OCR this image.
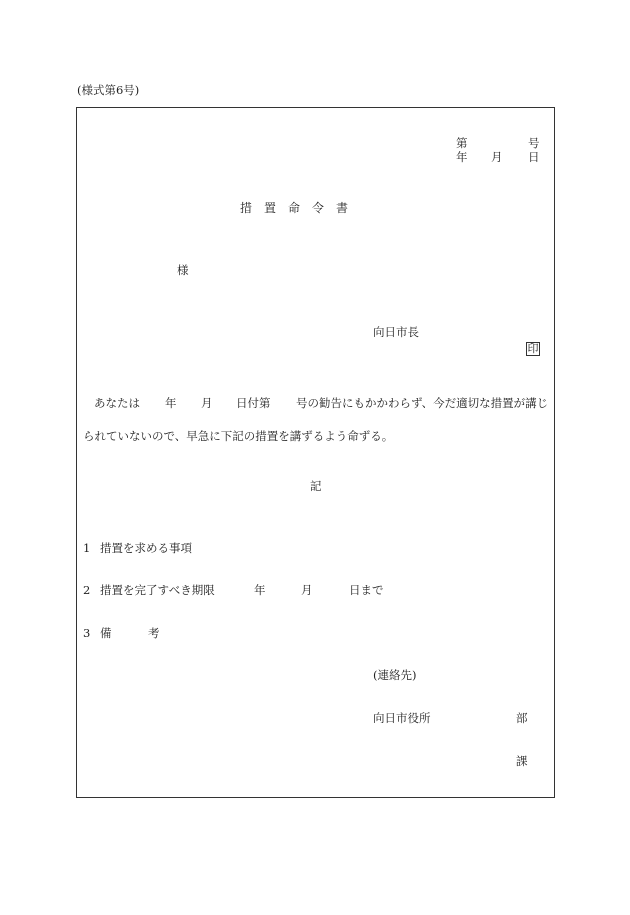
(様式第6号)
第	号
年 月 日
措　置　命　令　書
様
向日市長
印
あなたは 年 月 日付第 号の勧告にもかかわらず、今だ適切な措置が講じ
られていないので、早急に下記の措置を講ずるよう命ずる。
記
1 措置を求める事項
2 措置を完了すべき期限	年	月	日まで
3 備	考
(連絡先)
向日市役所	部
課
